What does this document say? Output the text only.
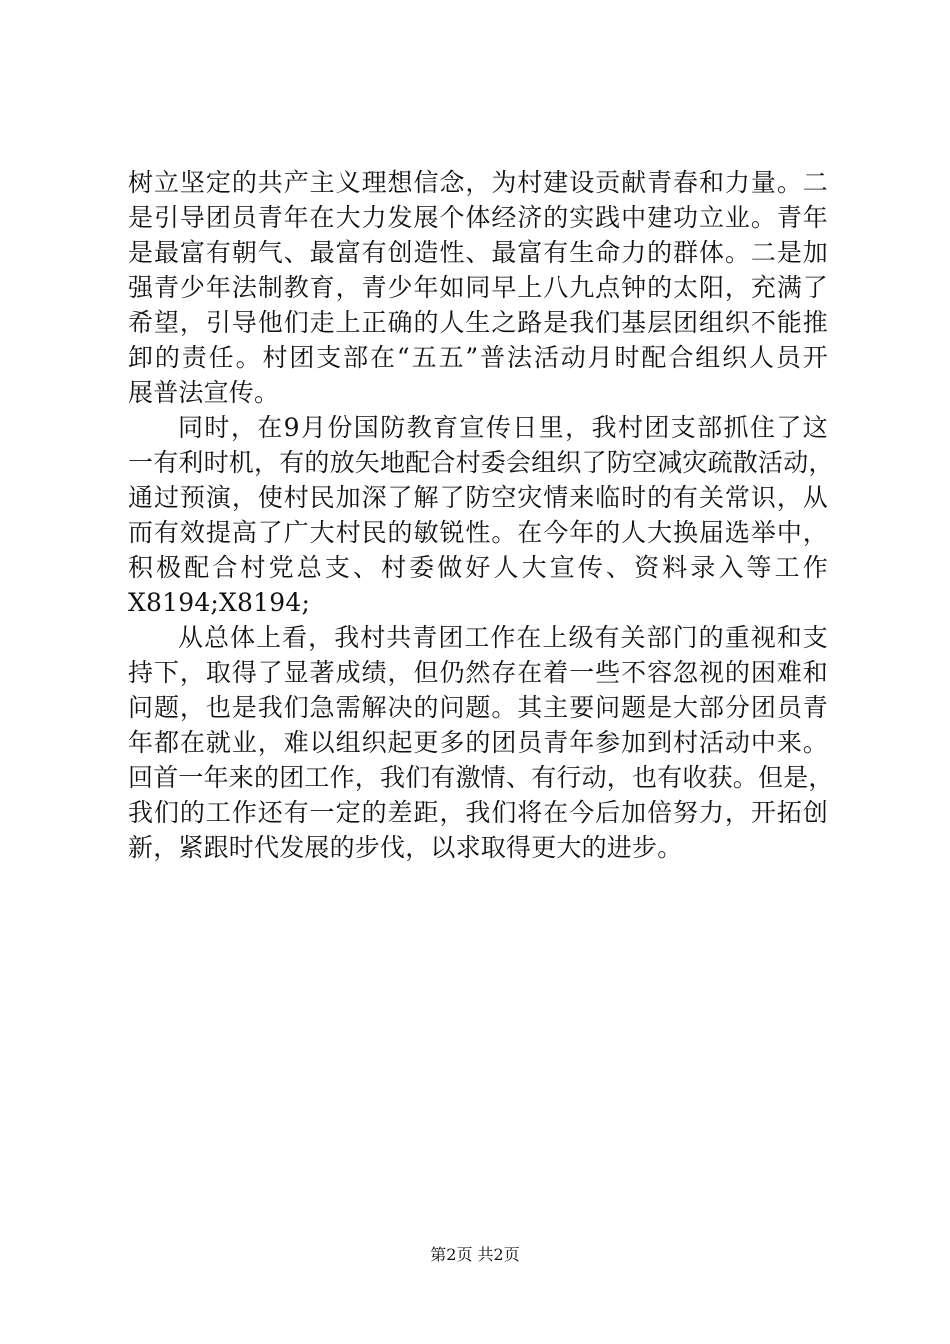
树立坚定的共产主义理想信念，为村建设贡献青春和力量。二
是引导团员青年在大力发展个体经济的实践中建功立业。青年
是最富有朝气、最富有创造性、最富有生命力的群体。二是加
强青少年法制教育，青少年如同早上八九点钟的太阳，充满了
希望，引导他们走上正确的人生之路是我们基层团组织不能推
卸的责任。村团支部在“五五”普法活动月时配合组织人员开
展普法宣传。
同时，在9月份国防教育宣传日里，我村团支部抓住了这
一有利时机，有的放矢地配合村委会组织了防空减灾疏散活动，
通过预演，使村民加深了解了防空灾情来临时的有关常识，从
而有效提高了广大村民的敏锐性。在今年的人大换届选举中，
积极配合村党总支、村委做好人大宣传、资料录入等工作
X8194;X8194;
从总体上看，我村共青团工作在上级有关部门的重视和支
持下，取得了显著成绩，但仍然存在着一些不容忽视的困难和
问题，也是我们急需解决的问题。其主要问题是大部分团员青
年都在就业，难以组织起更多的团员青年参加到村活动中来。
回首一年来的团工作，我们有激情、有行动，也有收获。但是，
我们的工作还有一定的差距，我们将在今后加倍努力，开拓创
新，紧跟时代发展的步伐，以求取得更大的进步。
第2页 共2页
